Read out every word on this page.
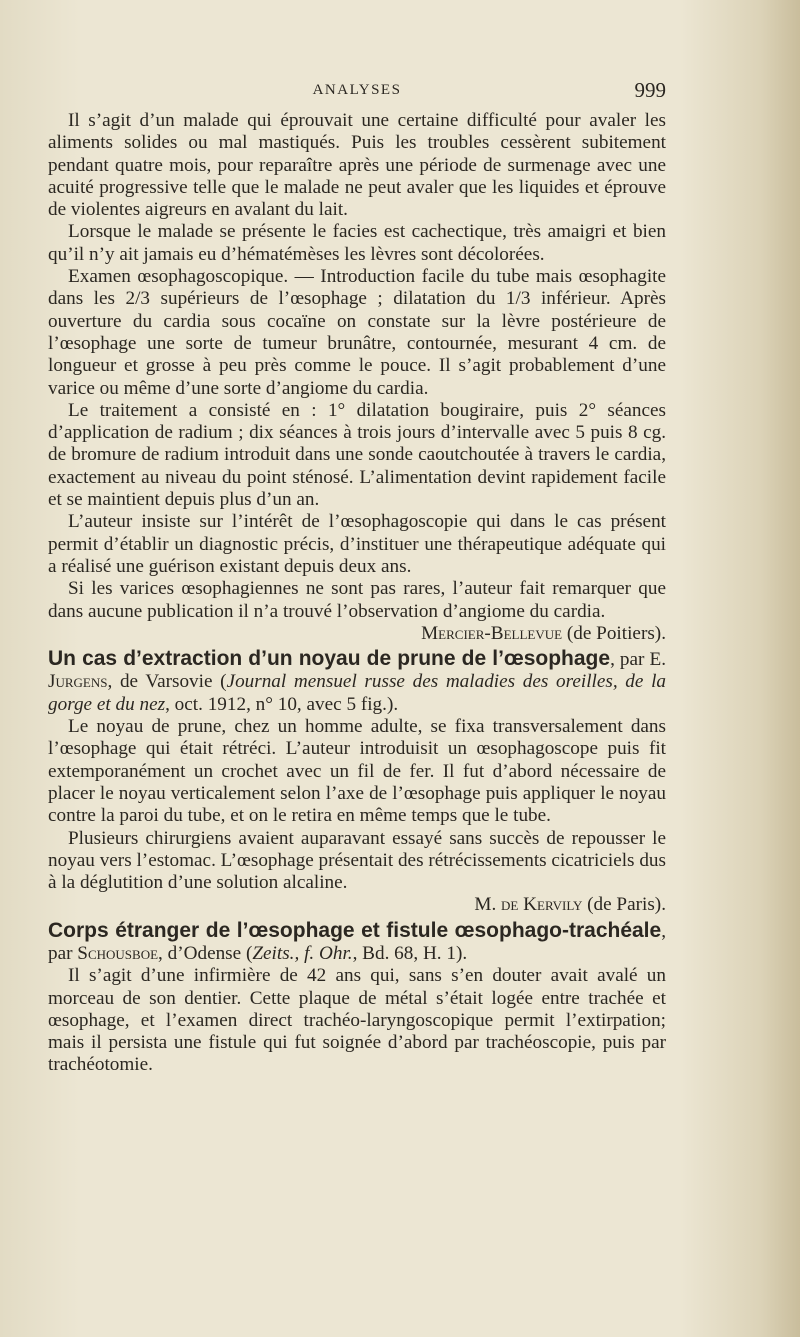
ANALYSES	999

Il s’agit d’un malade qui éprouvait une certaine difficulté pour avaler les aliments solides ou mal mastiqués. Puis les troubles cessèrent subitement pendant quatre mois, pour reparaître après une période de surmenage avec une acuité progressive telle que le malade ne peut avaler que les liquides et éprouve de violentes aigreurs en avalant du lait.

Lorsque le malade se présente le facies est cachectique, très amaigri et bien qu’il n’y ait jamais eu d’hématémèses les lèvres sont décolorées.

Examen œsophagoscopique. — Introduction facile du tube mais œsophagite dans les 2/3 supérieurs de l’œsophage ; dilatation du 1/3 inférieur. Après ouverture du cardia sous cocaïne on constate sur la lèvre postérieure de l’œsophage une sorte de tumeur brunâtre, contournée, mesurant 4 cm. de longueur et grosse à peu près comme le pouce. Il s’agit probablement d’une varice ou même d’une sorte d’angiome du cardia.

Le traitement a consisté en : 1° dilatation bougiraire, puis 2° séances d’application de radium ; dix séances à trois jours d’intervalle avec 5 puis 8 cg. de bromure de radium introduit dans une sonde caoutchoutée à travers le cardia, exactement au niveau du point sténosé. L’alimentation devint rapidement facile et se maintient depuis plus d’un an.

L’auteur insiste sur l’intérêt de l’œsophagoscopie qui dans le cas présent permit d’établir un diagnostic précis, d’instituer une thérapeutique adéquate qui a réalisé une guérison existant depuis deux ans.

Si les varices œsophagiennes ne sont pas rares, l’auteur fait remarquer que dans aucune publication il n’a trouvé l’observation d’angiome du cardia.

Mercier-Bellevue (de Poitiers).

Un cas d’extraction d’un noyau de prune de l’œsophage, par E. Jurgens, de Varsovie (Journal mensuel russe des maladies des oreilles, de la gorge et du nez, oct. 1912, n° 10, avec 5 fig.).

Le noyau de prune, chez un homme adulte, se fixa transversalement dans l’œsophage qui était rétréci. L’auteur introduisit un œsophagoscope puis fit extemporanément un crochet avec un fil de fer. Il fut d’abord nécessaire de placer le noyau verticalement selon l’axe de l’œsophage puis appliquer le noyau contre la paroi du tube, et on le retira en même temps que le tube.

Plusieurs chirurgiens avaient auparavant essayé sans succès de repousser le noyau vers l’estomac. L’œsophage présentait des rétrécissements cicatriciels dus à la déglutition d’une solution alcaline.

M. de Kervily (de Paris).

Corps étranger de l’œsophage et fistule œsophago-trachéale, par Schousboe, d’Odense (Zeits., f. Ohr., Bd. 68, H. 1).

Il s’agit d’une infirmière de 42 ans qui, sans s’en douter avait avalé un morceau de son dentier. Cette plaque de métal s’était logée entre trachée et œsophage, et l’examen direct trachéo-laryngoscopique permit l’extirpation; mais il persista une fistule qui fut soignée d’abord par trachéoscopie, puis par trachéotomie.
